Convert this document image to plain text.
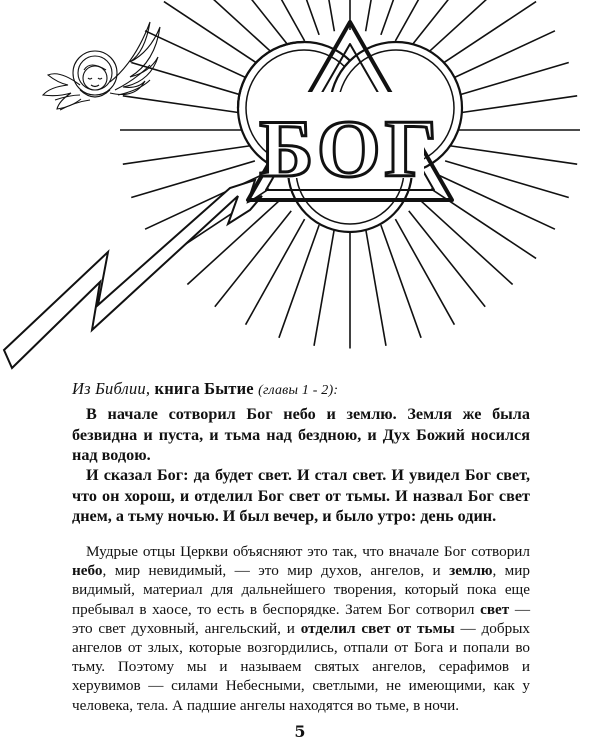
БОГ
Из Библии, книга Бытие (главы 1 - 2):

В начале сотворил Бог небо и землю. Земля же была безвидна и пуста, и тьма над бездною, и Дух Божий носился над водою.

И сказал Бог: да будет свет. И стал свет. И увидел Бог свет, что он хорош, и отделил Бог свет от тьмы. И назвал Бог свет днем, а тьму ночью. И был вечер, и было утро: день один.

Мудрые отцы Церкви объясняют это так, что вначале Бог сотворил небо, мир невидимый, — это мир духов, ангелов, и землю, мир видимый, материал для дальнейшего творения, который пока еще пребывал в хаосе, то есть в беспорядке. Затем Бог сотворил свет — это свет духовный, ангельский, и отделил свет от тьмы — добрых ангелов от злых, которые возгордились, отпали от Бога и попали во тьму. Поэтому мы и называем святых ангелов, серафимов и херувимов — силами Небесными, светлыми, не имеющими, как у человека, тела. А падшие ангелы находятся во тьме, в ночи.

5
